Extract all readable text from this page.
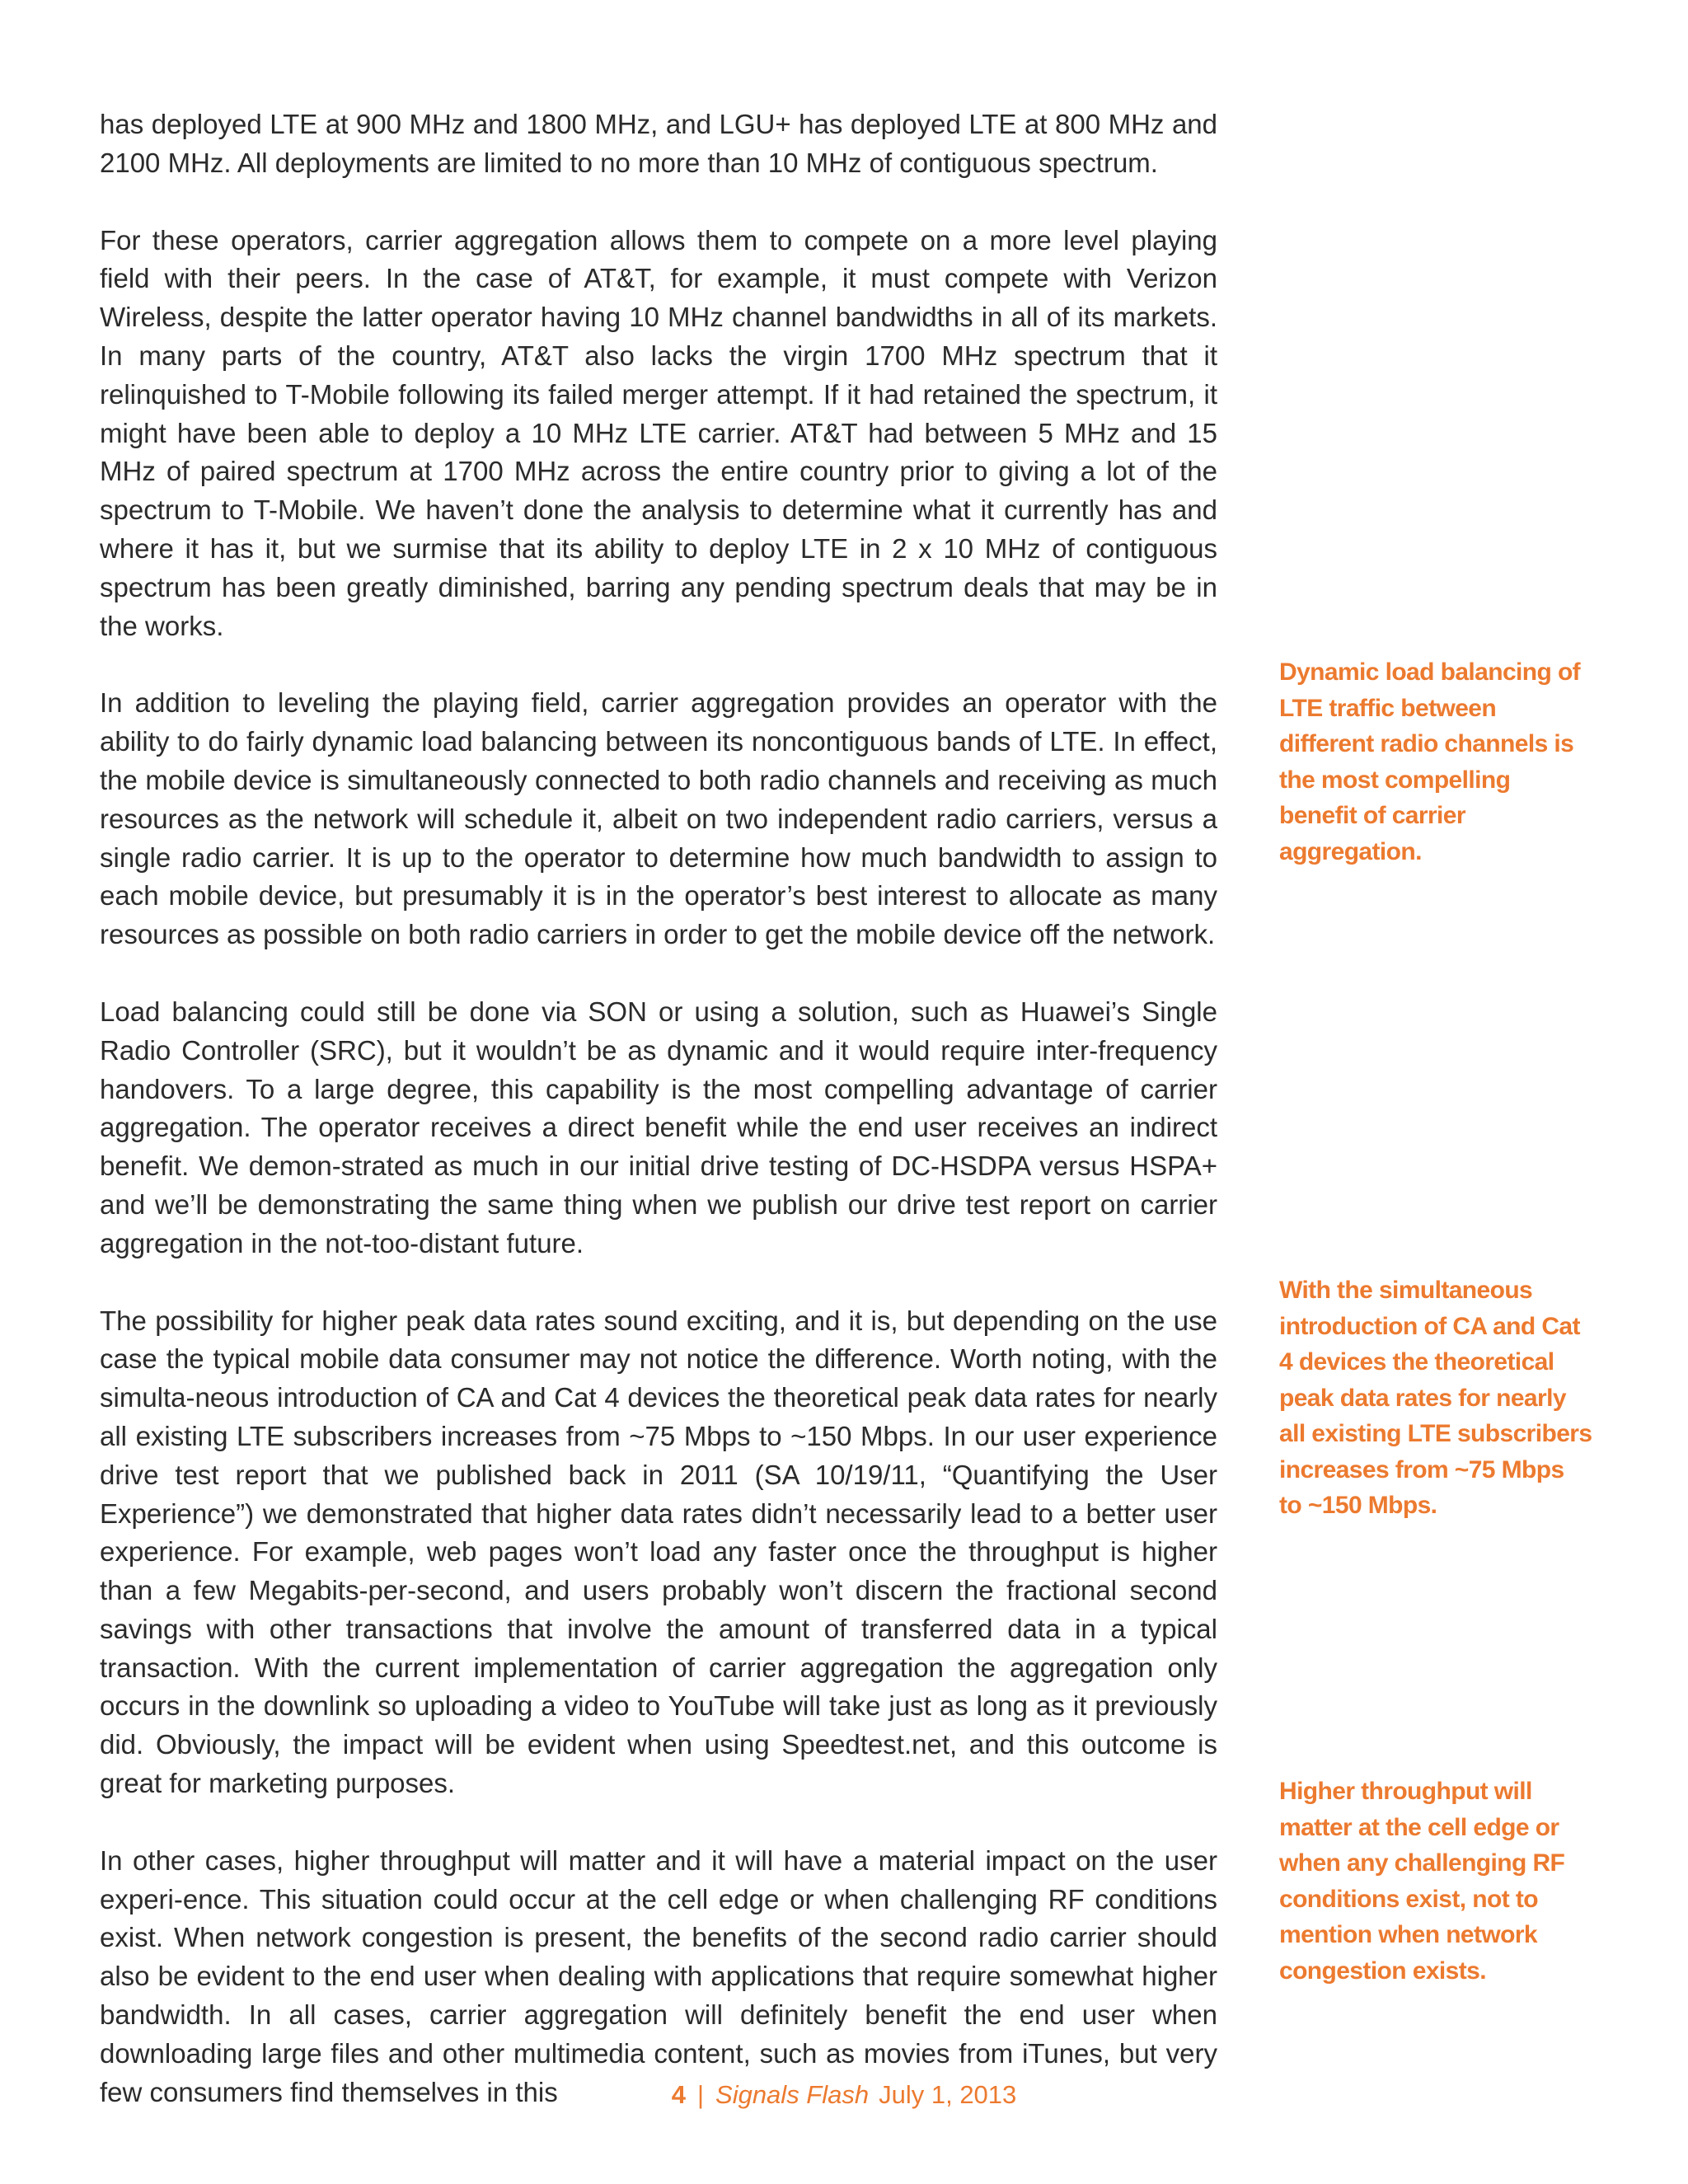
has deployed LTE at 900 MHz and 1800 MHz, and LGU+ has deployed LTE at 800 MHz and 2100 MHz. All deployments are limited to no more than 10 MHz of contiguous spectrum.

For these operators, carrier aggregation allows them to compete on a more level playing field with their peers. In the case of AT&T, for example, it must compete with Verizon Wireless, despite the latter operator having 10 MHz channel bandwidths in all of its markets. In many parts of the country, AT&T also lacks the virgin 1700 MHz spectrum that it relinquished to T-Mobile following its failed merger attempt. If it had retained the spectrum, it might have been able to deploy a 10 MHz LTE carrier. AT&T had between 5 MHz and 15 MHz of paired spectrum at 1700 MHz across the entire country prior to giving a lot of the spectrum to T-Mobile. We haven’t done the analysis to determine what it currently has and where it has it, but we surmise that its ability to deploy LTE in 2 x 10 MHz of contiguous spectrum has been greatly diminished, barring any pending spectrum deals that may be in the works.

In addition to leveling the playing field, carrier aggregation provides an operator with the ability to do fairly dynamic load balancing between its noncontiguous bands of LTE. In effect, the mobile device is simultaneously connected to both radio channels and receiving as much resources as the network will schedule it, albeit on two independent radio carriers, versus a single radio carrier. It is up to the operator to determine how much bandwidth to assign to each mobile device, but presumably it is in the operator’s best interest to allocate as many resources as possible on both radio carriers in order to get the mobile device off the network.

Load balancing could still be done via SON or using a solution, such as Huawei’s Single Radio Controller (SRC), but it wouldn’t be as dynamic and it would require inter-frequency handovers. To a large degree, this capability is the most compelling advantage of carrier aggregation. The operator receives a direct benefit while the end user receives an indirect benefit. We demon-strated as much in our initial drive testing of DC-HSDPA versus HSPA+ and we’ll be demonstrating the same thing when we publish our drive test report on carrier aggregation in the not-too-distant future.

The possibility for higher peak data rates sound exciting, and it is, but depending on the use case the typical mobile data consumer may not notice the difference. Worth noting, with the simulta-neous introduction of CA and Cat 4 devices the theoretical peak data rates for nearly all existing LTE subscribers increases from ~75 Mbps to ~150 Mbps. In our user experience drive test report that we published back in 2011 (SA 10/19/11, “Quantifying the User Experience”) we demonstrated that higher data rates didn’t necessarily lead to a better user experience. For example, web pages won’t load any faster once the throughput is higher than a few Megabits-per-second, and users probably won’t discern the fractional second savings with other transactions that involve the amount of transferred data in a typical transaction. With the current implementation of carrier aggregation the aggregation only occurs in the downlink so uploading a video to YouTube will take just as long as it previously did. Obviously, the impact will be evident when using Speedtest.net, and this outcome is great for marketing purposes.

In other cases, higher throughput will matter and it will have a material impact on the user experi-ence. This situation could occur at the cell edge or when challenging RF conditions exist. When network congestion is present, the benefits of the second radio carrier should also be evident to the end user when dealing with applications that require somewhat higher bandwidth. In all cases, carrier aggregation will definitely benefit the end user when downloading large files and other multimedia content, such as movies from iTunes, but very few consumers find themselves in this

Dynamic load balancing of LTE traffic between different radio channels is the most compelling benefit of carrier aggregation.

With the simultaneous introduction of CA and Cat 4 devices the theoretical peak data rates for nearly all existing LTE subscribers increases from ~75 Mbps to ~150 Mbps.

Higher throughput will matter at the cell edge or when any challenging RF conditions exist, not to mention when network congestion exists.

4 | Signals Flash July 1, 2013
